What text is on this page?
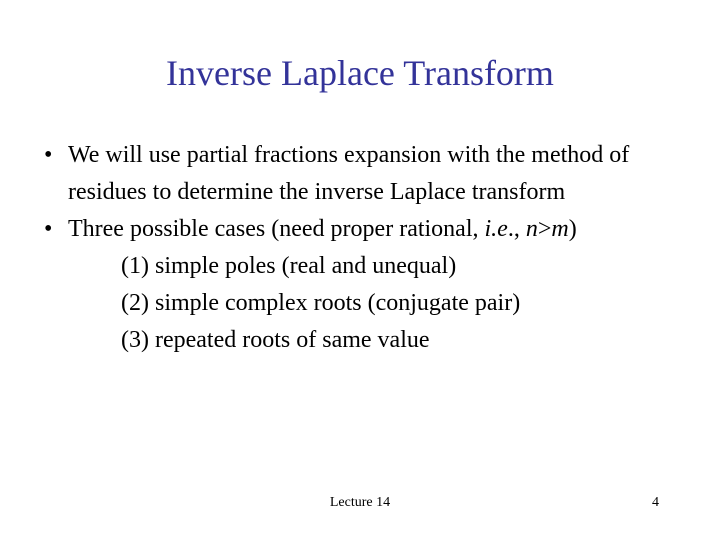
Inverse Laplace Transform
• We will use partial fractions expansion with the method of residues to determine the inverse Laplace transform
• Three possible cases (need proper rational, i.e., n>m)
(1) simple poles (real and unequal)
(2) simple complex roots (conjugate pair)
(3) repeated roots of same value
Lecture 14	4
